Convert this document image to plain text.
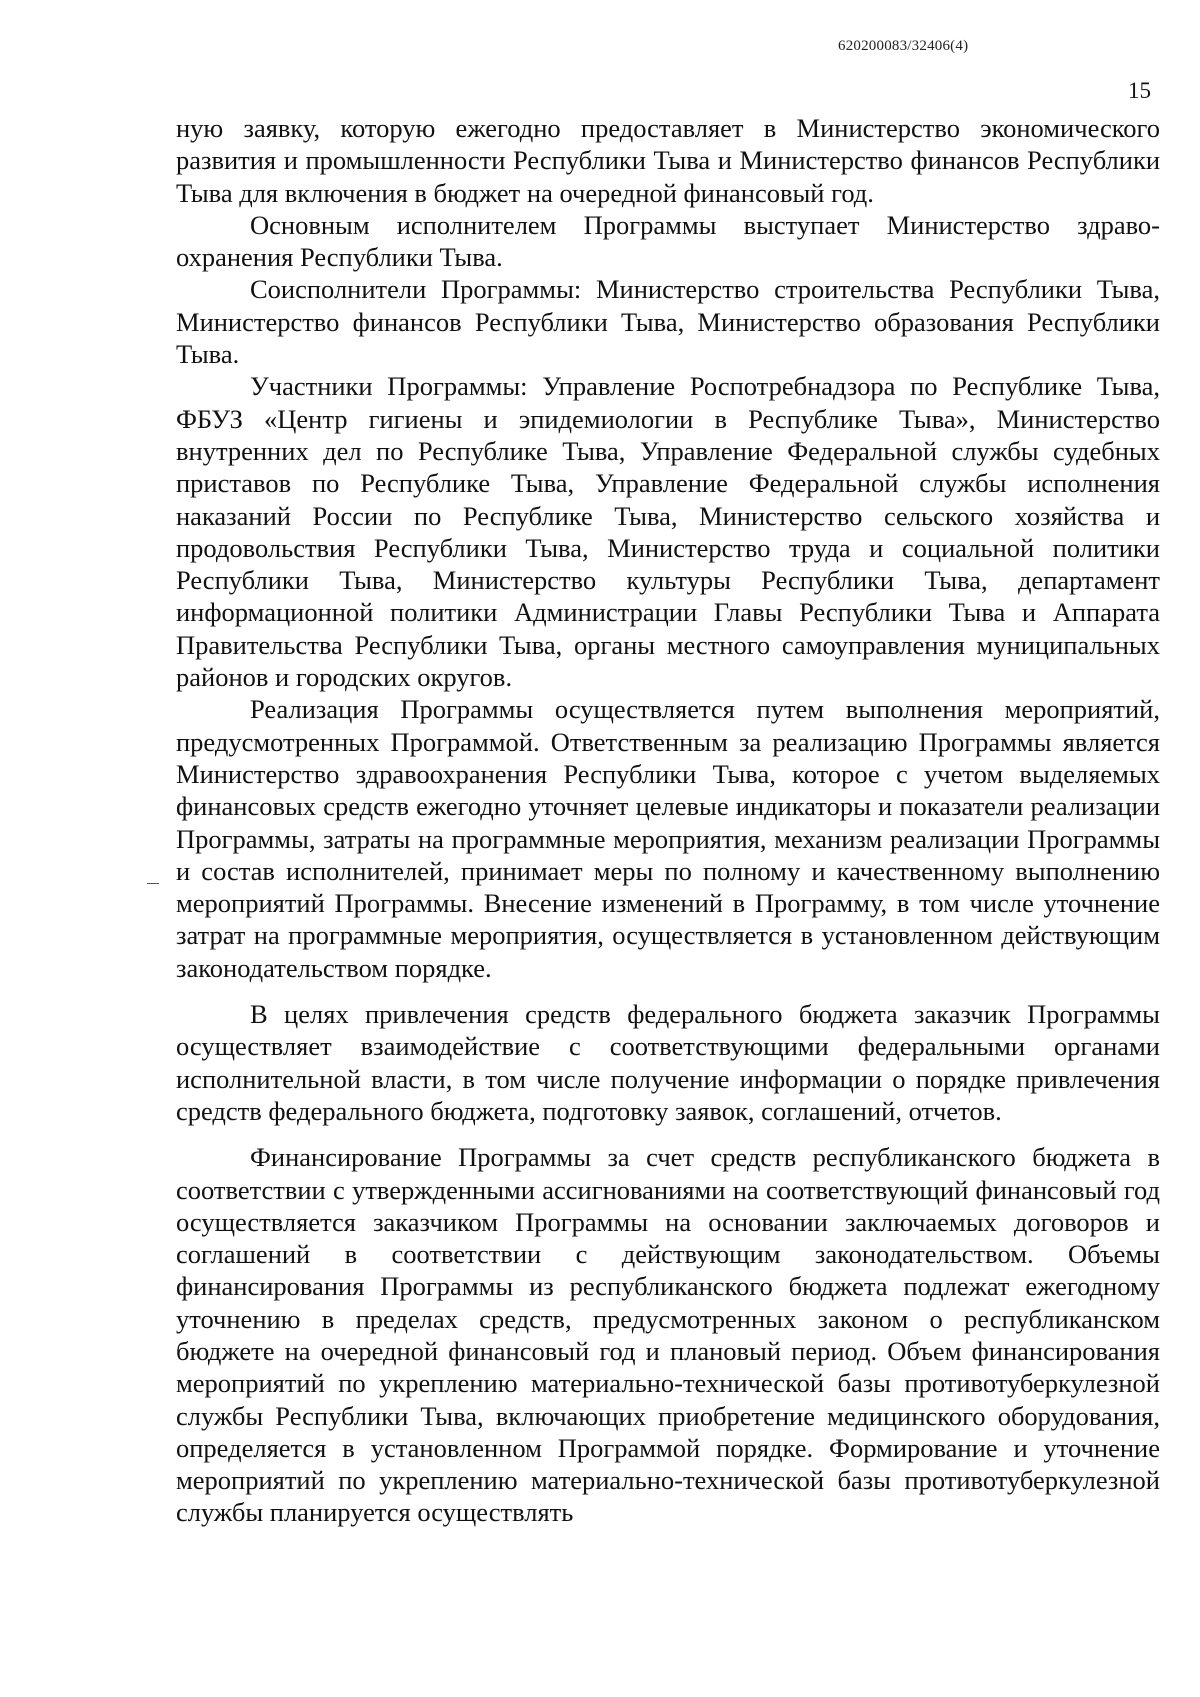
620200083/32406(4)
15

ную заявку, которую ежегодно предоставляет в Министерство экономического развития и промышленности Республики Тыва и Министерство финансов Республики Тыва для включения в бюджет на очередной финансовый год.

Основным исполнителем Программы выступает Министерство здравоохранения Республики Тыва.

Соисполнители Программы: Министерство строительства Республики Тыва, Министерство финансов Республики Тыва, Министерство образования Республики Тыва.

Участники Программы: Управление Роспотребнадзора по Республике Тыва, ФБУЗ «Центр гигиены и эпидемиологии в Республике Тыва», Министерство внутренних дел по Республике Тыва, Управление Федеральной службы судебных приставов по Республике Тыва, Управление Федеральной службы исполнения наказаний России по Республике Тыва, Министерство сельского хозяйства и продовольствия Республики Тыва, Министерство труда и социальной политики Республики Тыва, Министерство культуры Республики Тыва, департамент информационной политики Администрации Главы Республики Тыва и Аппарата Правительства Республики Тыва, органы местного самоуправления муниципальных районов и городских округов.

Реализация Программы осуществляется путем выполнения мероприятий, предусмотренных Программой. Ответственным за реализацию Программы является Министерство здравоохранения Республики Тыва, которое с учетом выделяемых финансовых средств ежегодно уточняет целевые индикаторы и показатели реализации Программы, затраты на программные мероприятия, механизм реализации Программы и состав исполнителей, принимает меры по полному и качественному выполнению мероприятий Программы. Внесение изменений в Программу, в том числе уточнение затрат на программные мероприятия, осуществляется в установленном действующим законодательством порядке.

В целях привлечения средств федерального бюджета заказчик Программы осуществляет взаимодействие с соответствующими федеральными органами исполнительной власти, в том числе получение информации о порядке привлечения средств федерального бюджета, подготовку заявок, соглашений, отчетов.

Финансирование Программы за счет средств республиканского бюджета в соответствии с утвержденными ассигнованиями на соответствующий финансовый год осуществляется заказчиком Программы на основании заключаемых договоров и соглашений в соответствии с действующим законодательством. Объемы финансирования Программы из республиканского бюджета подлежат ежегодному уточнению в пределах средств, предусмотренных законом о республиканском бюджете на очередной финансовый год и плановый период. Объем финансирования мероприятий по укреплению материально-технической базы противотуберкулезной службы Республики Тыва, включающих приобретение медицинского оборудования, определяется в установленном Программой порядке. Формирование и уточнение мероприятий по укреплению материально-технической базы противотуберкулезной службы планируется осуществлять
